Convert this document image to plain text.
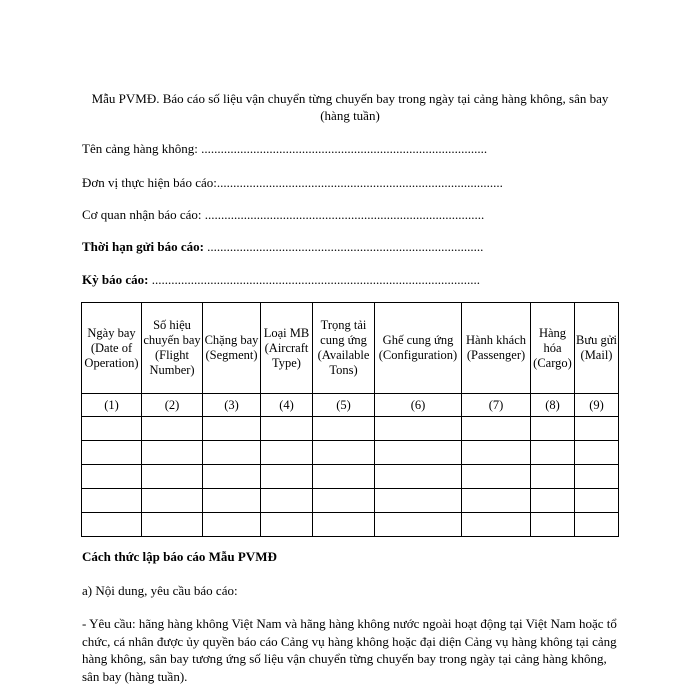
Mẫu PVMĐ. Báo cáo số liệu vận chuyển từng chuyến bay trong ngày tại cảng hàng không, sân bay (hàng tuần)
Tên cảng hàng không: ........................................................................................
Đơn vị thực hiện báo cáo:........................................................................................
Cơ quan nhận báo cáo: ......................................................................................
Thời hạn gửi báo cáo: .....................................................................................
Kỳ báo cáo: .....................................................................................................
Ngày bay (Date of Operation)	Số hiệu chuyến bay (Flight Number)	Chặng bay (Segment)	Loại MB (Aircraft Type)	Trọng tải cung ứng (Available Tons)	Ghế cung ứng (Configuration)	Hành khách (Passenger)	Hàng hóa (Cargo)	Bưu gửi (Mail)
(1)	(2)	(3)	(4)	(5)	(6)	(7)	(8)	(9)

Cách thức lập báo cáo Mẫu PVMĐ
a) Nội dung, yêu cầu báo cáo:
- Yêu cầu: hãng hàng không Việt Nam và hãng hàng không nước ngoài hoạt động tại Việt Nam hoặc tổ chức, cá nhân được ủy quyền báo cáo Cảng vụ hàng không hoặc đại diện Cảng vụ hàng không tại cảng hàng không, sân bay tương ứng số liệu vận chuyển từng chuyến bay trong ngày tại cảng hàng không, sân bay (hàng tuần).
